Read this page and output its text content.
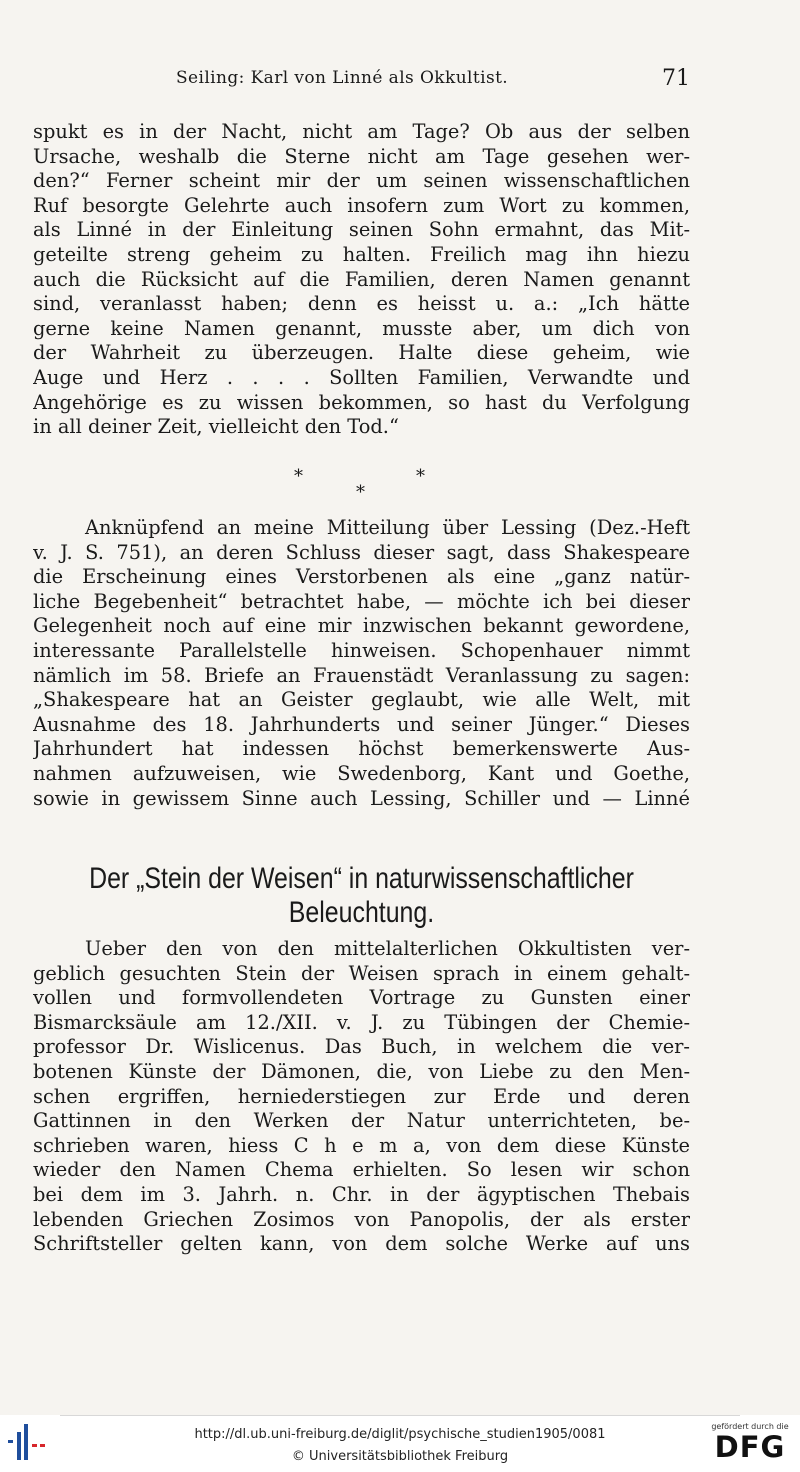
Seiling: Karl von Linné als Okkultist.	71
spukt es in der Nacht, nicht am Tage? Ob aus der selben
Ursache, weshalb die Sterne nicht am Tage gesehen wer-
den?“ Ferner scheint mir der um seinen wissenschaftlichen
Ruf besorgte Gelehrte auch insofern zum Wort zu kommen,
als Linné in der Einleitung seinen Sohn ermahnt, das Mit-
geteilte streng geheim zu halten. Freilich mag ihn hiezu
auch die Rücksicht auf die Familien, deren Namen genannt
sind, veranlasst haben; denn es heisst u. a.: „Ich hätte
gerne keine Namen genannt, musste aber, um dich von
der Wahrheit zu überzeugen. Halte diese geheim, wie
Auge und Herz . . . . Sollten Familien, Verwandte und
Angehörige es zu wissen bekommen, so hast du Verfolgung
in all deiner Zeit, vielleicht den Tod.“
*
*
*
Anknüpfend an meine Mitteilung über Lessing (Dez.-Heft
v. J. S. 751), an deren Schluss dieser sagt, dass Shakespeare
die Erscheinung eines Verstorbenen als eine „ganz natür-
liche Begebenheit“ betrachtet habe, — möchte ich bei dieser
Gelegenheit noch auf eine mir inzwischen bekannt gewordene,
interessante Parallelstelle hinweisen. Schopenhauer nimmt
nämlich im 58. Briefe an Frauenstädt Veranlassung zu sagen:
„Shakespeare hat an Geister geglaubt, wie alle Welt, mit
Ausnahme des 18. Jahrhunderts und seiner Jünger.“ Dieses
Jahrhundert hat indessen höchst bemerkenswerte Aus-
nahmen aufzuweisen, wie Swedenborg, Kant und Goethe,
sowie in gewissem Sinne auch Lessing, Schiller und — Linné
Der „Stein der Weisen“ in naturwissenschaftlicher
Beleuchtung.
Ueber den von den mittelalterlichen Okkultisten ver-
geblich gesuchten Stein der Weisen sprach in einem gehalt-
vollen und formvollendeten Vortrage zu Gunsten einer
Bismarcksäule am 12./XII. v. J. zu Tübingen der Chemie-
professor Dr. Wislicenus. Das Buch, in welchem die ver-
botenen Künste der Dämonen, die, von Liebe zu den Men-
schen ergriffen, herniederstiegen zur Erde und deren
Gattinnen in den Werken der Natur unterrichteten, be-
schrieben waren, hiess C h e m a, von dem diese Künste
wieder den Namen Chema erhielten. So lesen wir schon
bei dem im 3. Jahrh. n. Chr. in der ägyptischen Thebais
lebenden Griechen Zosimos von Panopolis, der als erster
Schriftsteller gelten kann, von dem solche Werke auf uns
http://dl.ub.uni-freiburg.de/diglit/psychische_studien1905/0081
© Universitätsbibliothek Freiburg
gefördert durch die
DFG
